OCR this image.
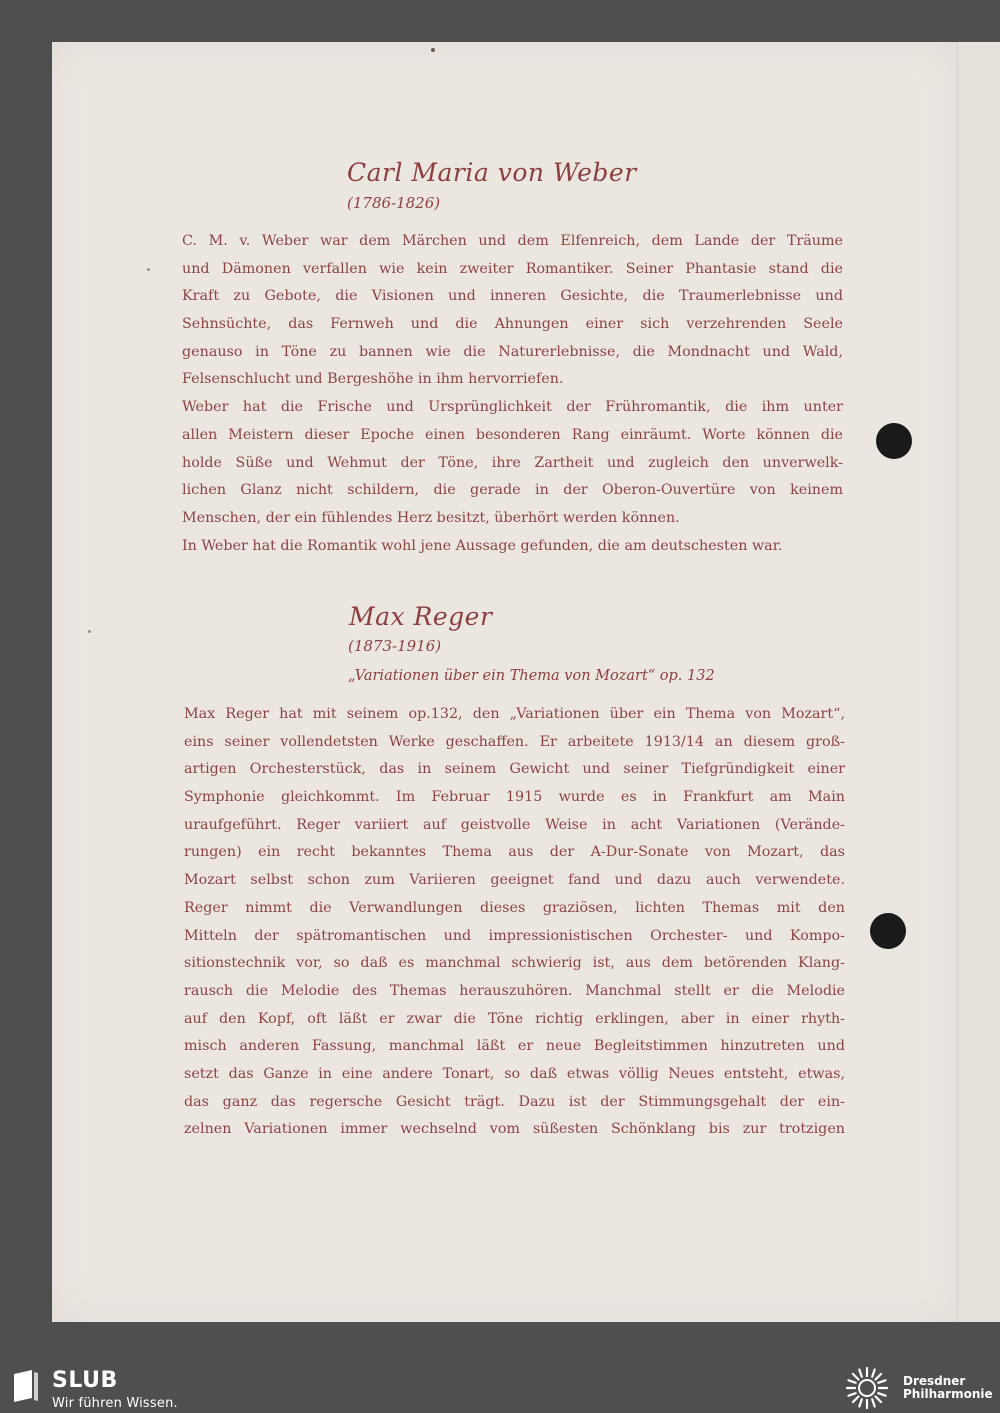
Carl Maria von Weber
(1786-1826)
C. M. v. Weber war dem Märchen und dem Elfenreich, dem Lande der Träume
und Dämonen verfallen wie kein zweiter Romantiker. Seiner Phantasie stand die
Kraft zu Gebote, die Visionen und inneren Gesichte, die Traumerlebnisse und
Sehnsüchte, das Fernweh und die Ahnungen einer sich verzehrenden Seele
genauso in Töne zu bannen wie die Naturerlebnisse, die Mondnacht und Wald,
Felsenschlucht und Bergeshöhe in ihm hervorriefen.
Weber hat die Frische und Ursprünglichkeit der Frühromantik, die ihm unter
allen Meistern dieser Epoche einen besonderen Rang einräumt. Worte können die
holde Süße und Wehmut der Töne, ihre Zartheit und zugleich den unverwelk-
lichen Glanz nicht schildern, die gerade in der Oberon-Ouvertüre von keinem
Menschen, der ein fühlendes Herz besitzt, überhört werden können.
In Weber hat die Romantik wohl jene Aussage gefunden, die am deutschesten war.
Max Reger
(1873-1916)
„Variationen über ein Thema von Mozart“ op. 132
Max Reger hat mit seinem op.132, den „Variationen über ein Thema von Mozart“,
eins seiner vollendetsten Werke geschaffen. Er arbeitete 1913/14 an diesem groß-
artigen Orchesterstück, das in seinem Gewicht und seiner Tiefgründigkeit einer
Symphonie gleichkommt. Im Februar 1915 wurde es in Frankfurt am Main
uraufgeführt. Reger variiert auf geistvolle Weise in acht Variationen (Verände-
rungen) ein recht bekanntes Thema aus der A-Dur-Sonate von Mozart, das
Mozart selbst schon zum Variieren geeignet fand und dazu auch verwendete.
Reger nimmt die Verwandlungen dieses graziösen, lichten Themas mit den
Mitteln der spätromantischen und impressionistischen Orchester- und Kompo-
sitionstechnik vor, so daß es manchmal schwierig ist, aus dem betörenden Klang-
rausch die Melodie des Themas herauszuhören. Manchmal stellt er die Melodie
auf den Kopf, oft läßt er zwar die Töne richtig erklingen, aber in einer rhyth-
misch anderen Fassung, manchmal läßt er neue Begleitstimmen hinzutreten und
setzt das Ganze in eine andere Tonart, so daß etwas völlig Neues entsteht, etwas,
das ganz das regersche Gesicht trägt. Dazu ist der Stimmungsgehalt der ein-
zelnen Variationen immer wechselnd vom süßesten Schönklang bis zur trotzigen
SLUB
Wir führen Wissen.
Dresdner
Philharmonie
